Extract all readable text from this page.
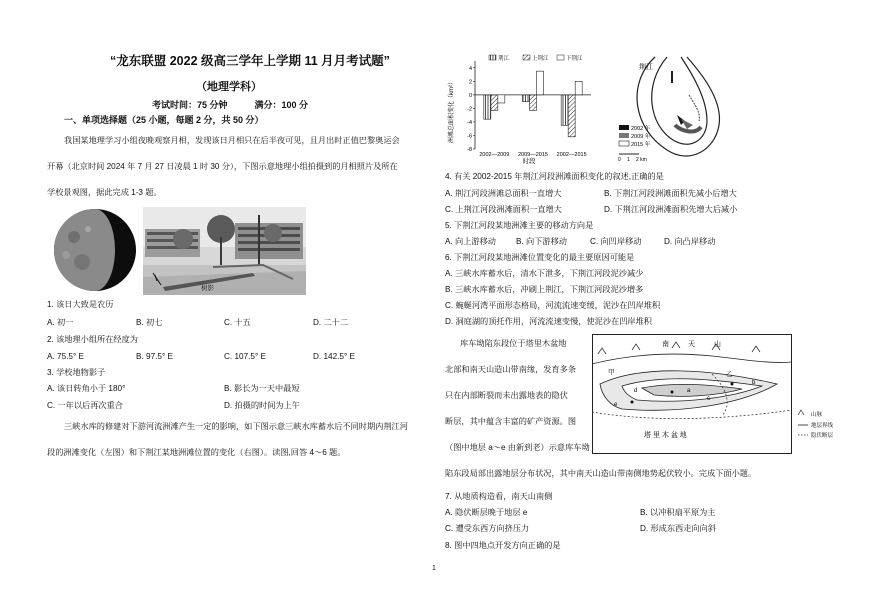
“龙东联盟 2022 级高三学年上学期 11 月月考试题”
（地理学科）
考试时间：75 分钟　　　满分：100 分
一、单项选择题（25 小题，每题 2 分，共 50 分）
我国某地理学习小组夜晚观察月相，发现该日月相只在后半夜可见，且月出时正值巴黎奥运会
开幕（北京时间 2024 年 7 月 27 日凌晨 1 时 30 分），下图示意地理小组拍摄到的月相照片及所在
学校景观图，据此完成 1-3 题。
树影
1. 该日大致是农历
A. 初一	B. 初七	C. 十五	D. 二十二
2. 该地理小组所在经度为
A. 75.5° E	B. 97.5° E	C. 107.5° E	D. 142.5° E
3. 学校地物影子
A. 该日转角小于 180°	B. 影长为一天中最短
C. 一年以后再次重合	D. 拍摄的时间为上午
三峡水库的修建对下游河流洲滩产生一定的影响，如下图示意三峡水库蓄水后不同时期内荆江河
段的洲滩变化（左图）和下荆江某地洲滩位置的变化（右图）。读图,回答 4～6 题。
洲滩总面积变化（km²）
4
2
0
-2
-4
-6
-8
2002—2009 2009—2015 2002—2015
荆江	上荆江	下荆江
时段
荆江
2002 年
2009 年
2015 年
0 1 2 km
4. 有关 2002-2015 年荆江河段洲滩面积变化的叙述,正确的是
A. 荆江河段洲滩总面积一直增大	B. 下荆江河段洲滩面积先减小后增大
C. 上荆江河段洲滩面积一直增大	D. 下荆江河段洲滩面积先增大后减小
5. 下荆江河段某地洲滩主要的移动方向是
A. 向上游移动 B. 向下游移动	C. 向凹岸移动	D. 向凸岸移动
6. 下荆江河段某地洲滩位置变化的最主要原因可能是
A. 三峡水库蓄水后，清水下泄多，下荆江河段泥沙减少
B. 三峡水库蓄水后，冲刷上荆江，下荆江河段泥沙增多
C. 蜿蜒河湾平面形态格局，河流流速变缓，泥沙在凹岸堆积
D. 洞庭湖的顶托作用，河流流速变慢，使泥沙在凹岸堆积
库车坳陷东段位于塔里木盆地
北部和南天山造山带南缘，发育多条
只在内部断裂而未出露地表的隐伏
断层，其中蕴含丰富的矿产资源。图
（图中地层 a～e 由新到老）示意库车坳
陷东段局部出露地层分布状况，其中南天山造山带南侧地势起伏较小。完成下面小题。
南	天	山
a
b
c
d
e
甲	乙
塔 里 木 盆 地
山脉
地层界线
隐伏断层
7. 从地质构造看，南天山南侧
A. 隐伏断层晚于地层 e	B. 以冲积扇平原为主
C. 遭受东西方向挤压力	D. 形成东西走向向斜
8. 图中四地点开发方向正确的是
1
